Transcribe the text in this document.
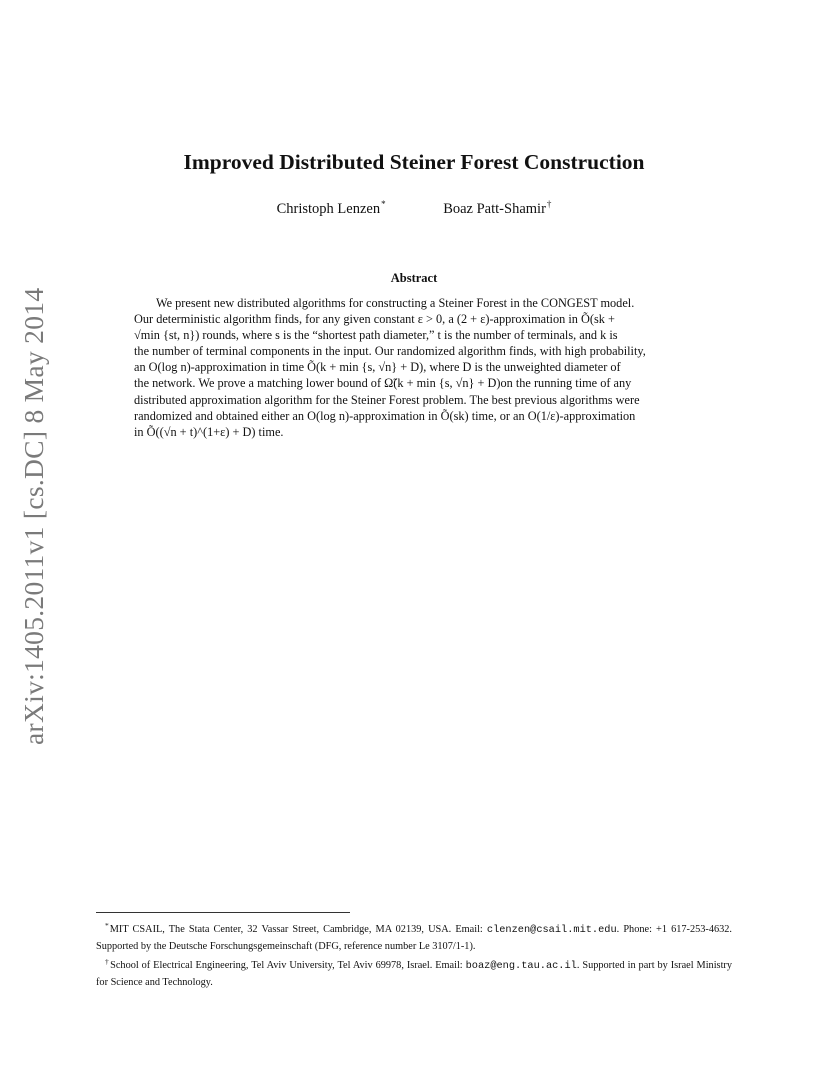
arXiv:1405.2011v1 [cs.DC] 8 May 2014
Improved Distributed Steiner Forest Construction
Christoph Lenzen*	Boaz Patt-Shamir†
Abstract

We present new distributed algorithms for constructing a Steiner Forest in the CONGEST model.
Our deterministic algorithm finds, for any given constant ε > 0, a (2 + ε)-approximation in Õ(sk +
√min {st, n}) rounds, where s is the “shortest path diameter,” t is the number of terminals, and k is
the number of terminal components in the input. Our randomized algorithm finds, with high probability,
an O(log n)-approximation in time Õ(k + min {s, √n} + D), where D is the unweighted diameter of
the network. We prove a matching lower bound of Ω̃(k + min {s, √n} + D)on the running time of any
distributed approximation algorithm for the Steiner Forest problem. The best previous algorithms were
randomized and obtained either an O(log n)-approximation in Õ(sk) time, or an O(1/ε)-approximation
in Õ((√n + t)^(1+ε) + D) time.

*MIT CSAIL, The Stata Center, 32 Vassar Street, Cambridge, MA 02139, USA. Email: clenzen@csail.mit.edu. Phone: +1 617-253-4632. Supported by the Deutsche Forschungsgemeinschaft (DFG, reference number Le 3107/1-1).

†School of Electrical Engineering, Tel Aviv University, Tel Aviv 69978, Israel. Email: boaz@eng.tau.ac.il. Supported in part by Israel Ministry for Science and Technology.
